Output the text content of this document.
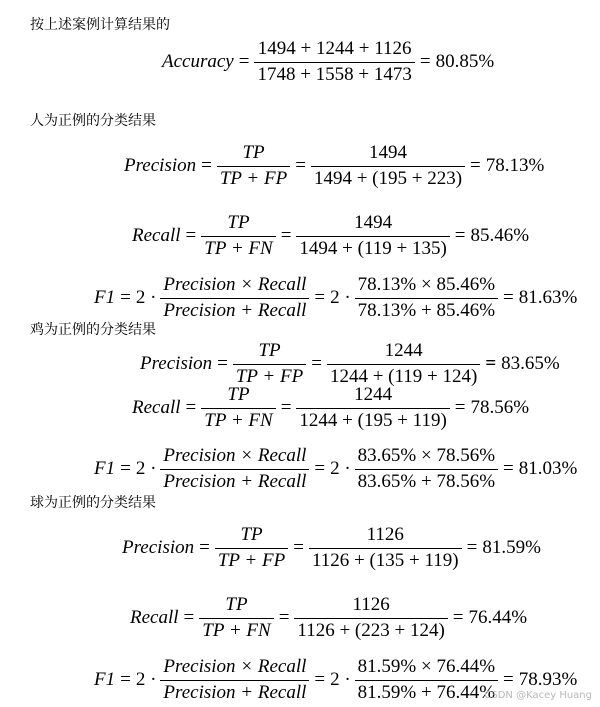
按上述案例计算结果的
Accuracy = $\frac{1494 + 1244 + 1126}{1748 + 1558 + 1473} = 80.85\%$
人为正例的分类结果
Precision = $\frac{TP}{TP + FP} = \frac{1494}{1494 + (195 + 223)} = 78.13\%$
Recall = $\frac{TP}{TP + FN} = \frac{1494}{1494 + (119 + 135)} = 85.46\%$
$F1 = 2 \cdot \frac{\text{Precision × Recall}}{\text{Precision + Recall}} = 2 \cdot \frac{78.13\% \times 85.46\%}{78.13\% + 85.46\%} = 81.63\%$
鸡为正例的分类结果
Precision = $\frac{TP}{TP + FP} = \frac{1244}{1244 + (119 + 124)} = 83.65\%$
Recall = $\frac{TP}{TP + FN} = \frac{1244}{1244 + (195 + 119)} = 78.56\%$
$F1 = 2 \cdot \frac{\text{Precision × Recall}}{\text{Precision + Recall}} = 2 \cdot \frac{83.65\% \times 78.56\%}{83.65\% + 78.56\%} = 81.03\%$
球为正例的分类结果
Precision = $\frac{TP}{TP + FP} = \frac{1126}{1126 + (135 + 119)} = 81.59\%$
Recall = $\frac{TP}{TP + FN} = \frac{1126}{1126 + (223 + 124)} = 76.44\%$
$F1 = 2 \cdot \frac{\text{Precision × Recall}}{\text{Precision + Recall}} = 2 \cdot \frac{81.59\% \times 76.44\%}{81.59\% + 76.44\%} = 78.93\%$
CSDN @Kacey Huang
